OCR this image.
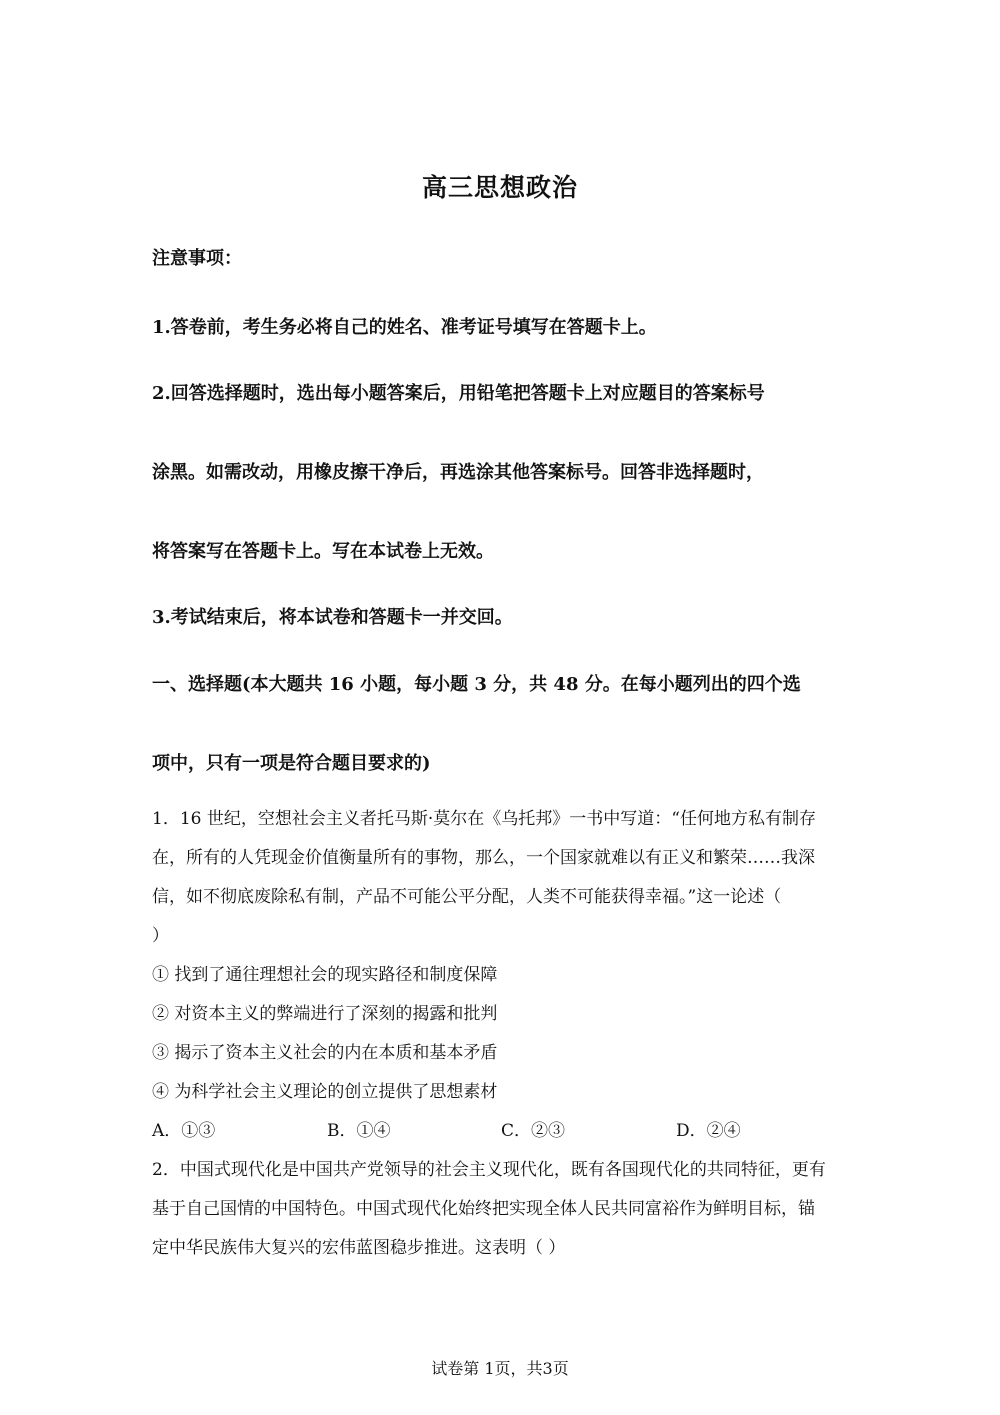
高三思想政治
注意事项：
1.答卷前，考生务必将自己的姓名、准考证号填写在答题卡上。
2.回答选择题时，选出每小题答案后，用铅笔把答题卡上对应题目的答案标号
涂黑。如需改动，用橡皮擦干净后，再选涂其他答案标号。回答非选择题时，
将答案写在答题卡上。写在本试卷上无效。
3.考试结束后，将本试卷和答题卡一并交回。
一、选择题(本大题共 16 小题，每小题 3 分，共 48 分。在每小题列出的四个选
项中，只有一项是符合题目要求的)
1．16 世纪，空想社会主义者托马斯·莫尔在《乌托邦》一书中写道：“任何地方私有制存
在，所有的人凭现金价值衡量所有的事物，那么，一个国家就难以有正义和繁荣……我深
信，如不彻底废除私有制，产品不可能公平分配，人类不可能获得幸福。”这一论述（
）
① 找到了通往理想社会的现实路径和制度保障
② 对资本主义的弊端进行了深刻的揭露和批判
③ 揭示了资本主义社会的内在本质和基本矛盾
④ 为科学社会主义理论的创立提供了思想素材
A．①③	B．①④	C．②③	D．②④
2．中国式现代化是中国共产党领导的社会主义现代化，既有各国现代化的共同特征，更有
基于自己国情的中国特色。中国式现代化始终把实现全体人民共同富裕作为鲜明目标，锚
定中华民族伟大复兴的宏伟蓝图稳步推进。这表明（ ）
试卷第 1页，共3页
